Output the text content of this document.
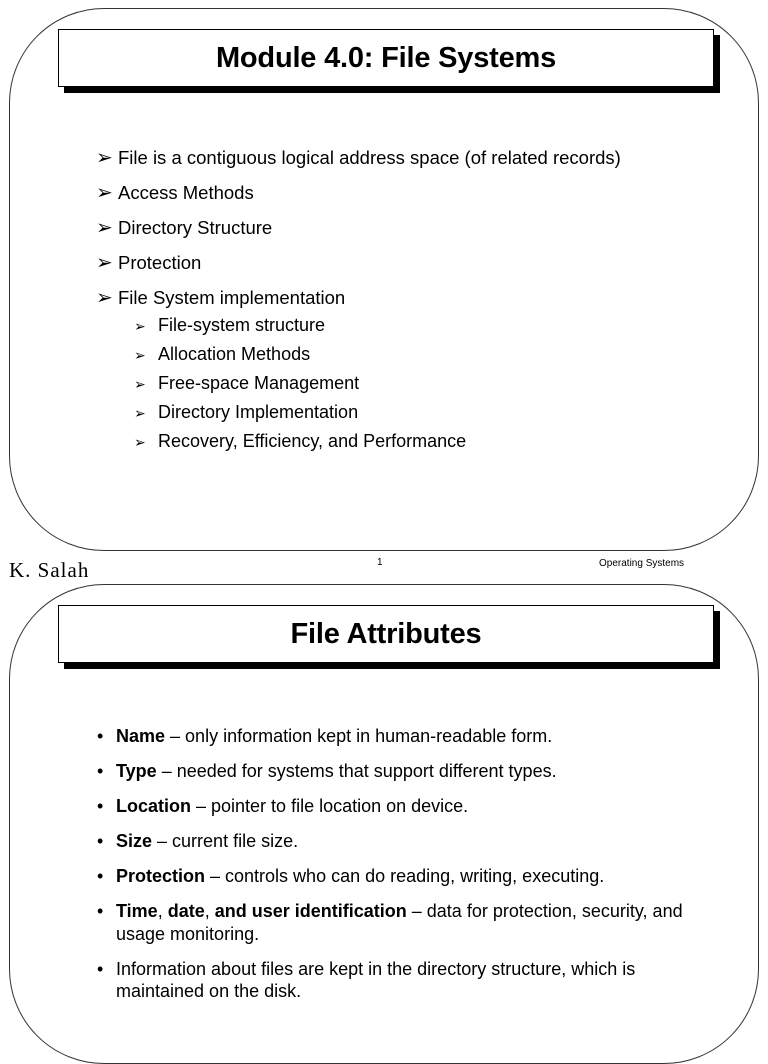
Module 4.0: File Systems
➢ File is a contiguous logical address space (of related records)
➢ Access Methods
➢ Directory Structure
➢ Protection
➢ File System implementation
➢ File-system structure
➢ Allocation Methods
➢ Free-space Management
➢ Directory Implementation
➢ Recovery, Efficiency, and Performance
K. Salah	1	Operating Systems
File Attributes
• Name – only information kept in human-readable form.
• Type – needed for systems that support different types.
• Location – pointer to file location on device.
• Size – current file size.
• Protection – controls who can do reading, writing, executing.
• Time, date, and user identification – data for protection, security, and usage monitoring.
• Information about files are kept in the directory structure, which is maintained on the disk.
